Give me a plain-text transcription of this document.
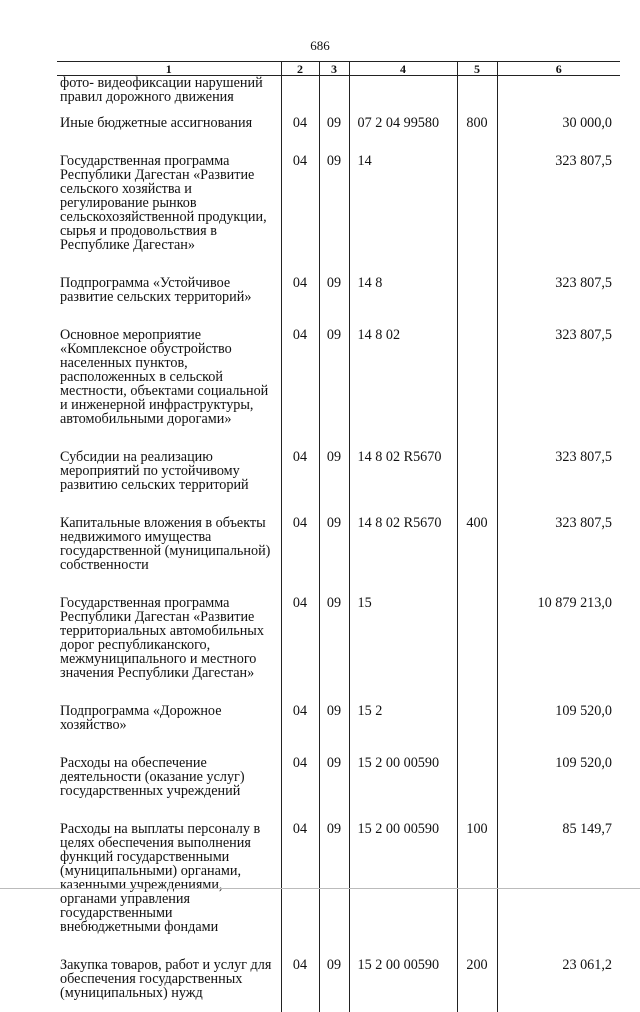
686
1	2	3	4	5	6
фото- видеофиксации нарушений правил дорожного движения					
Иные бюджетные ассигнования	04	09	07 2 04 99580	800	30 000,0
Государственная программа Республики Дагестан «Развитие сельского хозяйства и регулирование рынков сельскохозяйственной продукции, сырья и продовольствия в Республике Дагестан»	04	09	14		323 807,5
Подпрограмма «Устойчивое развитие сельских территорий»	04	09	14 8		323 807,5
Основное мероприятие «Комплексное обустройство населенных пунктов, расположенных в сельской местности, объектами социальной и инженерной инфраструктуры, автомобильными дорогами»	04	09	14 8 02		323 807,5
Субсидии на реализацию мероприятий по устойчивому развитию сельских территорий	04	09	14 8 02 R5670		323 807,5
Капитальные вложения в объекты недвижимого имущества государственной (муниципальной) собственности	04	09	14 8 02 R5670	400	323 807,5
Государственная программа Республики Дагестан «Развитие территориальных автомобильных дорог республиканского, межмуниципального и местного значения Республики Дагестан»	04	09	15		10 879 213,0
Подпрограмма «Дорожное хозяйство»	04	09	15 2		109 520,0
Расходы на обеспечение деятельности (оказание услуг) государственных учреждений	04	09	15 2 00 00590		109 520,0
Расходы на выплаты персоналу в целях обеспечения выполнения функций государственными (муниципальными) органами, казенными учреждениями, органами управления государственными внебюджетными фондами	04	09	15 2 00 00590	100	85 149,7
Закупка товаров, работ и услуг для обеспечения государственных (муниципальных) нужд	04	09	15 2 00 00590	200	23 061,2
